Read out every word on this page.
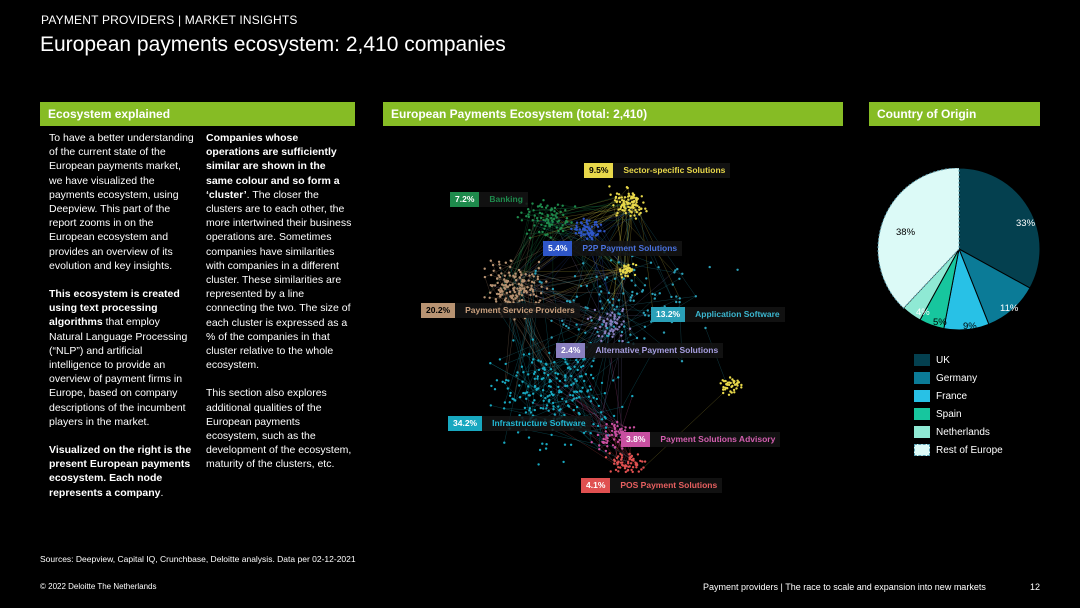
PAYMENT PROVIDERS | MARKET INSIGHTS
European payments ecosystem: 2,410 companies
Ecosystem explained

To have a better understanding of the current state of the European payments market, we have visualized the payments ecosystem, using Deepview. This part of the report zooms in on the European ecosystem and provides an overview of its evolution and key insights.

This ecosystem is created using text processing algorithms that employ Natural Language Processing (“NLP”) and artificial intelligence to provide an overview of payment firms in Europe, based on company descriptions of the incumbent players in the market.

Visualized on the right is the present European payments ecosystem. Each node represents a company.

Companies whose operations are sufficiently similar are shown in the same colour and so form a ‘cluster’. The closer the clusters are to each other, the more intertwined their business operations are. Sometimes companies have similarities with companies in a different cluster. These similarities are represented by a line connecting the two. The size of each cluster is expressed as a % of the companies in that cluster relative to the whole ecosystem.

This section also explores additional qualities of the European payments ecosystem, such as the development of the ecosystem, maturity of the clusters, etc.

European Payments Ecosystem (total: 2,410)
9.5% Sector-specific Solutions
7.2% Banking
5.4% P2P Payment Solutions
20.2% Payment Service Providers	13.2% Application Software
2.4% Alternative Payment Solutions
34.2% Infrastructure Software
3.8% Payment Solutions Advisory
4.1% POS Payment Solutions
Country of Origin
33%
11%
9%
5%
4%
38%
UK
Germany
France
Spain
Netherlands
Rest of Europe
Sources: Deepview, Capital IQ, Crunchbase, Deloitte analysis. Data per 02-12-2021
© 2022 Deloitte The Netherlands	Payment providers | The race to scale and expansion into new markets	12
